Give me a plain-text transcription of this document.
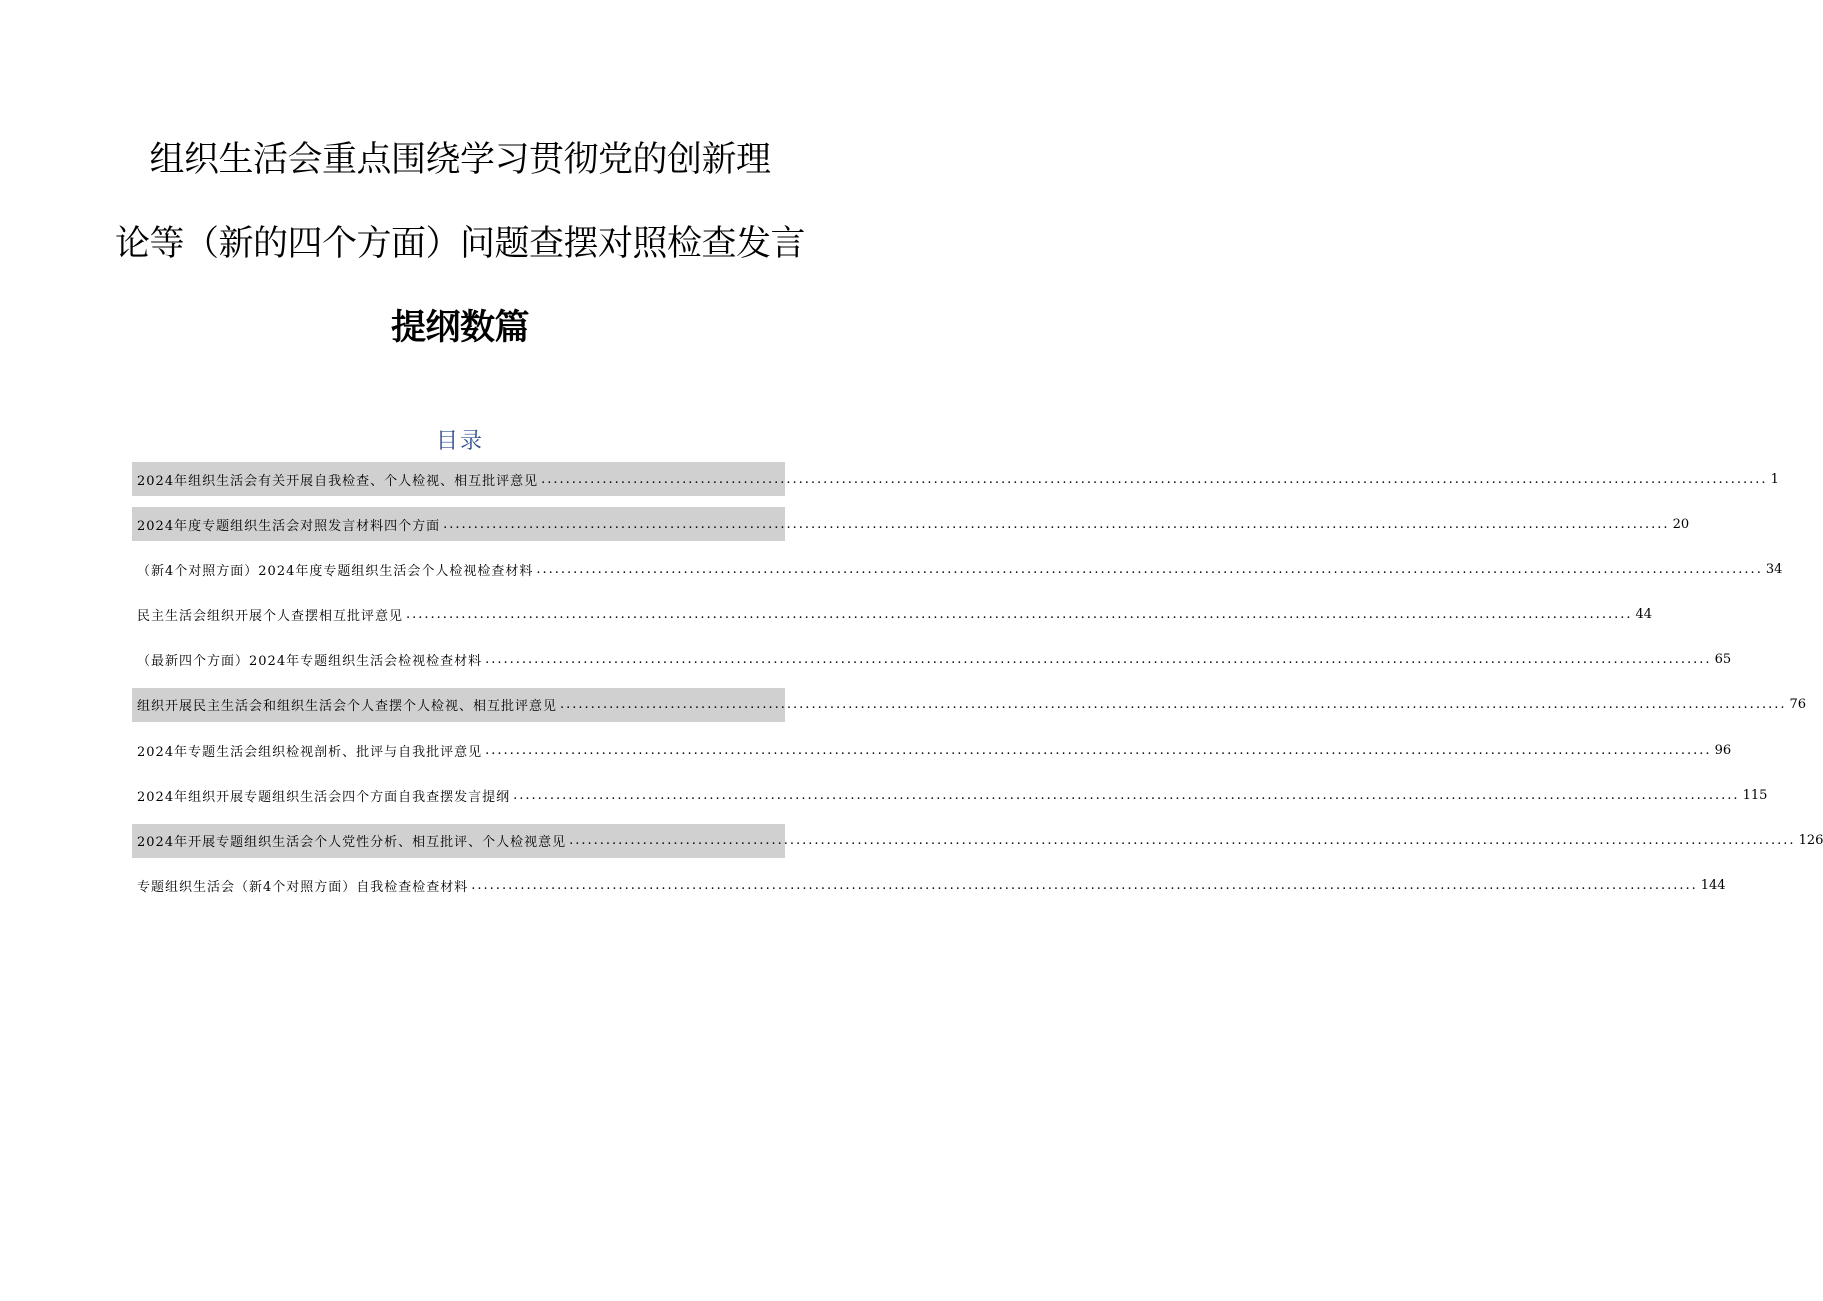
组织生活会重点围绕学习贯彻党的创新理
论等（新的四个方面）问题查摆对照检查发言
提纲数篇
目录
2024年组织生活会有关开展自我检查、个人检视、相互批评意见 ........................................................................................................................................................................................................ 1
2024年度专题组织生活会对照发言材料四个方面 ........................................................................................................................................................................................................ 20
（新4个对照方面）2024年度专题组织生活会个人检视检查材料 ........................................................................................................................................................................................................ 34
民主生活会组织开展个人查摆相互批评意见 ........................................................................................................................................................................................................ 44
（最新四个方面）2024年专题组织生活会检视检查材料 ........................................................................................................................................................................................................ 65
组织开展民主生活会和组织生活会个人查摆个人检视、相互批评意见 ........................................................................................................................................................................................................ 76
2024年专题生活会组织检视剖析、批评与自我批评意见 ........................................................................................................................................................................................................ 96
2024年组织开展专题组织生活会四个方面自我查摆发言提纲 ........................................................................................................................................................................................................ 115
2024年开展专题组织生活会个人党性分析、相互批评、个人检视意见 ........................................................................................................................................................................................................ 126
专题组织生活会（新4个对照方面）自我检查检查材料 ........................................................................................................................................................................................................ 144
